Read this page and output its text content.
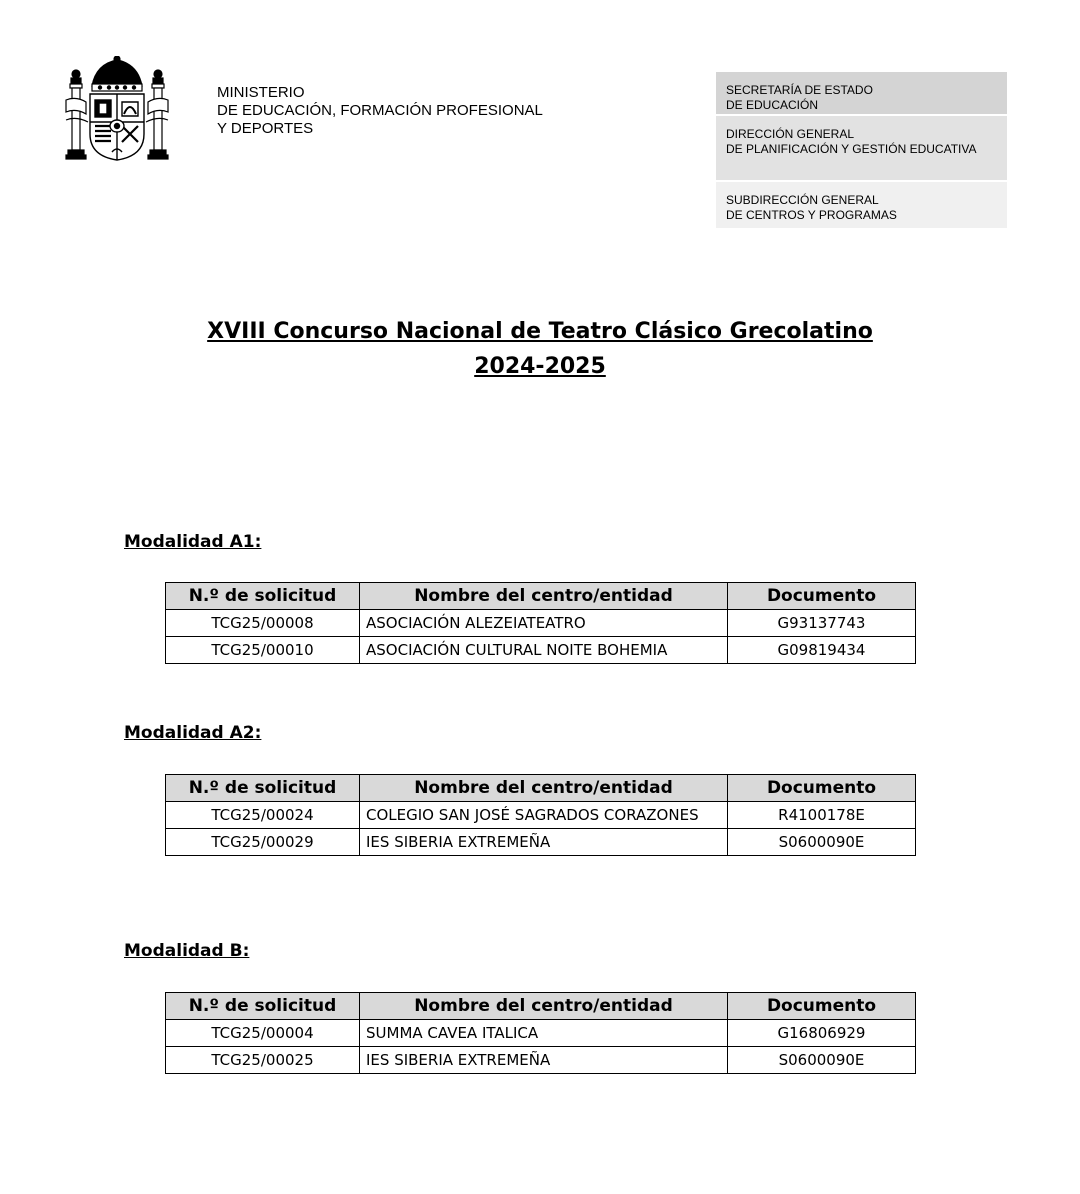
MINISTERIO
DE EDUCACIÓN, FORMACIÓN PROFESIONAL
Y DEPORTES
SECRETARÍA DE ESTADO
DE EDUCACIÓN
DIRECCIÓN GENERAL
DE PLANIFICACIÓN Y GESTIÓN EDUCATIVA
SUBDIRECCIÓN GENERAL
DE CENTROS Y PROGRAMAS
XVIII Concurso Nacional de Teatro Clásico Grecolatino
2024-2025
Modalidad A1:
N.º de solicitud	Nombre del centro/entidad	Documento
TCG25/00008	ASOCIACIÓN ALEZEIATEATRO	G93137743
TCG25/00010	ASOCIACIÓN CULTURAL NOITE BOHEMIA	G09819434
Modalidad A2:
N.º de solicitud	Nombre del centro/entidad	Documento
TCG25/00024	COLEGIO SAN JOSÉ SAGRADOS CORAZONES	R4100178E
TCG25/00029	IES SIBERIA EXTREMEÑA	S0600090E
Modalidad B:
N.º de solicitud	Nombre del centro/entidad	Documento
TCG25/00004	SUMMA CAVEA ITALICA	G16806929
TCG25/00025	IES SIBERIA EXTREMEÑA	S0600090E
